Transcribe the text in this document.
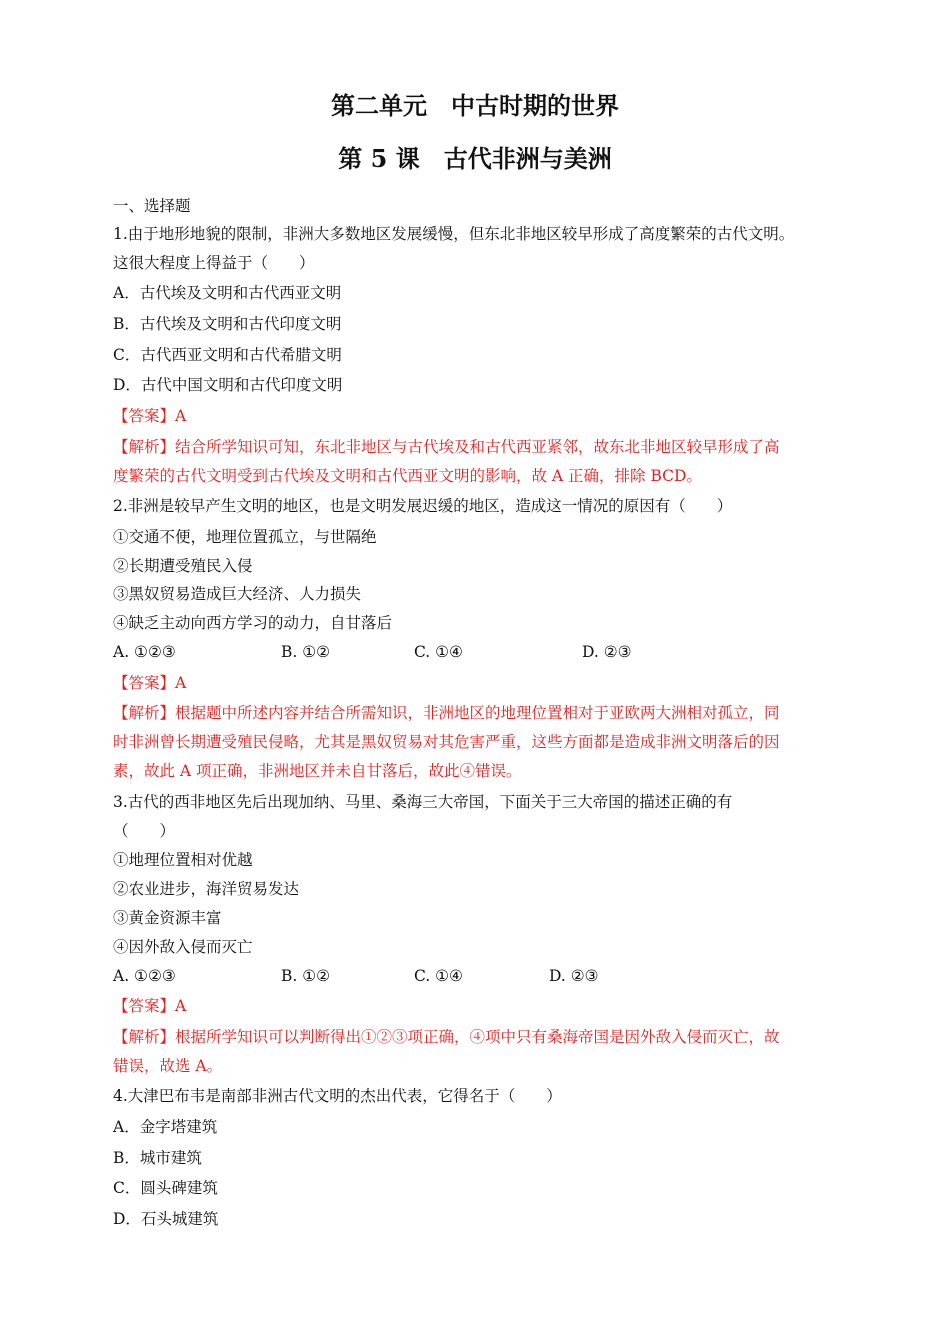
第二单元　中古时期的世界
第 5 课　古代非洲与美洲
一、选择题
1.由于地形地貌的限制，非洲大多数地区发展缓慢，但东北非地区较早形成了高度繁荣的古代文明。
这很大程度上得益于（　　）
A．古代埃及文明和古代西亚文明
B．古代埃及文明和古代印度文明
C．古代西亚文明和古代希腊文明
D．古代中国文明和古代印度文明
【答案】A
【解析】结合所学知识可知，东北非地区与古代埃及和古代西亚紧邻，故东北非地区较早形成了高
度繁荣的古代文明受到古代埃及文明和古代西亚文明的影响，故 A 正确，排除 BCD。
2.非洲是较早产生文明的地区，也是文明发展迟缓的地区，造成这一情况的原因有（　　）
①交通不便，地理位置孤立，与世隔绝
②长期遭受殖民入侵
③黑奴贸易造成巨大经济、人力损失
④缺乏主动向西方学习的动力，自甘落后
A. ①②③	B. ①②	C. ①④	D. ②③
【答案】A
【解析】根据题中所述内容并结合所需知识，非洲地区的地理位置相对于亚欧两大洲相对孤立，同
时非洲曾长期遭受殖民侵略，尤其是黑奴贸易对其危害严重，这些方面都是造成非洲文明落后的因
素，故此 A 项正确，非洲地区并未自甘落后，故此④错误。
3.古代的西非地区先后出现加纳、马里、桑海三大帝国，下面关于三大帝国的描述正确的有
（　　）
①地理位置相对优越
②农业进步，海洋贸易发达
③黄金资源丰富
④因外敌入侵而灭亡
A. ①②③	B. ①②	C. ①④	D. ②③
【答案】A
【解析】根据所学知识可以判断得出①②③项正确，④项中只有桑海帝国是因外敌入侵而灭亡，故
错误，故选 A。
4.大津巴布韦是南部非洲古代文明的杰出代表，它得名于（　　）
A．金字塔建筑
B．城市建筑
C．圆头碑建筑
D．石头城建筑
